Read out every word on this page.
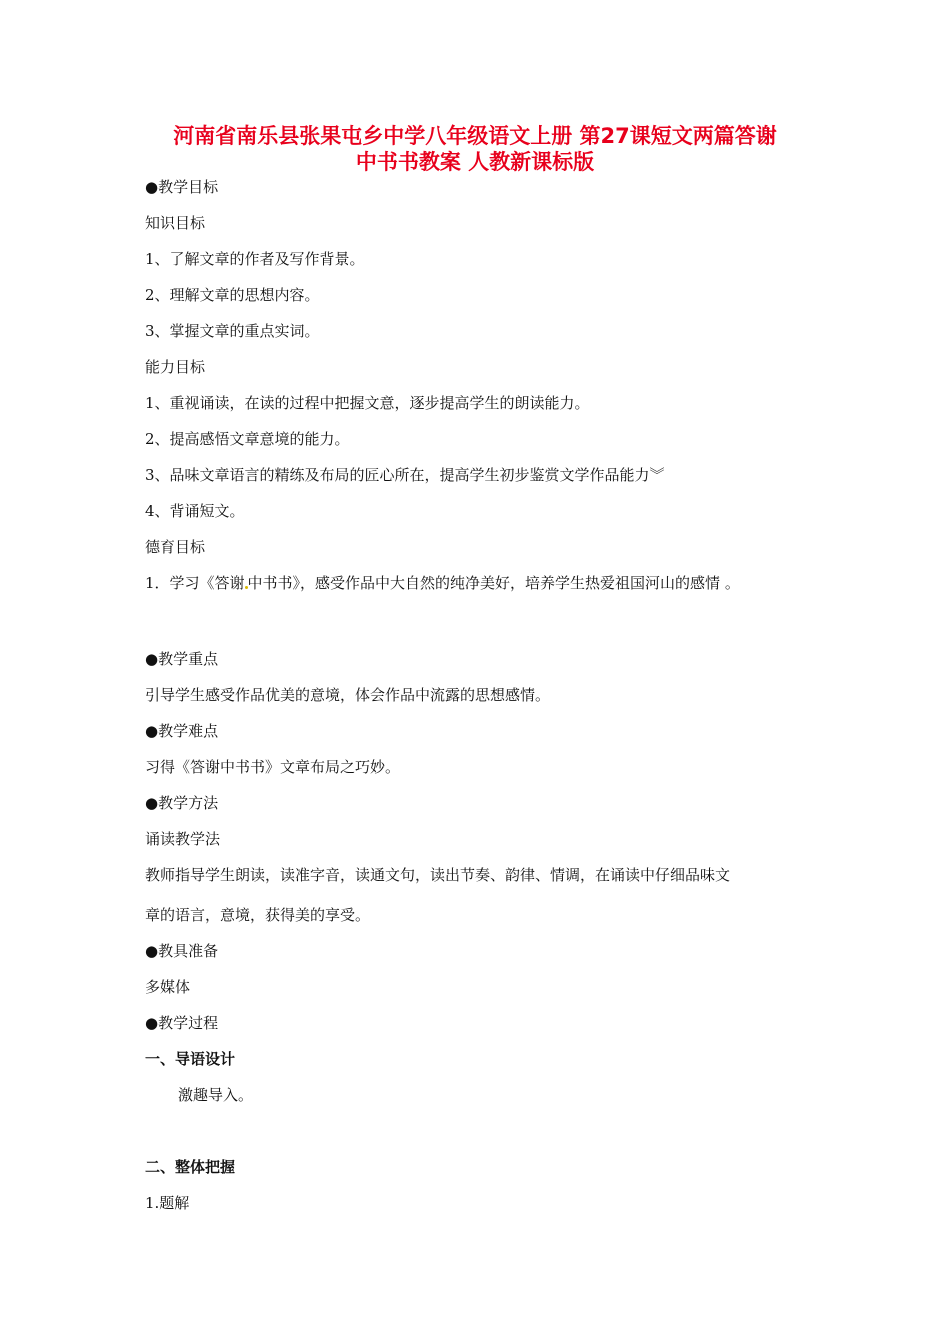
河南省南乐县张果屯乡中学八年级语文上册 第27课短文两篇答谢
中书书教案 人教新课标版
●教学目标
知识目标
1、了解文章的作者及写作背景。
2、理解文章的思想内容。
3、掌握文章的重点实词。
能力目标
1、重视诵读，在读的过程中把握文意，逐步提高学生的朗读能力。
2、提高感悟文章意境的能力。
3、品味文章语言的精练及布局的匠心所在，提高学生初步鉴赏文学作品能力︾
4、背诵短文。
德育目标
1．学习《答谢 中书书》，感受作品中大自然的纯净美好，培养学生热爱祖国河山的感情 。
●教学重点
引导学生感受作品优美的意境，体会作品中流露的思想感情。
●教学难点
习得《答谢中书书》文章布局之巧妙。
●教学方法
诵读教学法
教师指导学生朗读，读准字音，读通文句，读出节奏、韵律、情调，在诵读中仔细品味文
章的语言，意境，获得美的享受。
●教具准备
多媒体
●教学过程
一、导语设计
激趣导入。
二、整体把握
1.题解
